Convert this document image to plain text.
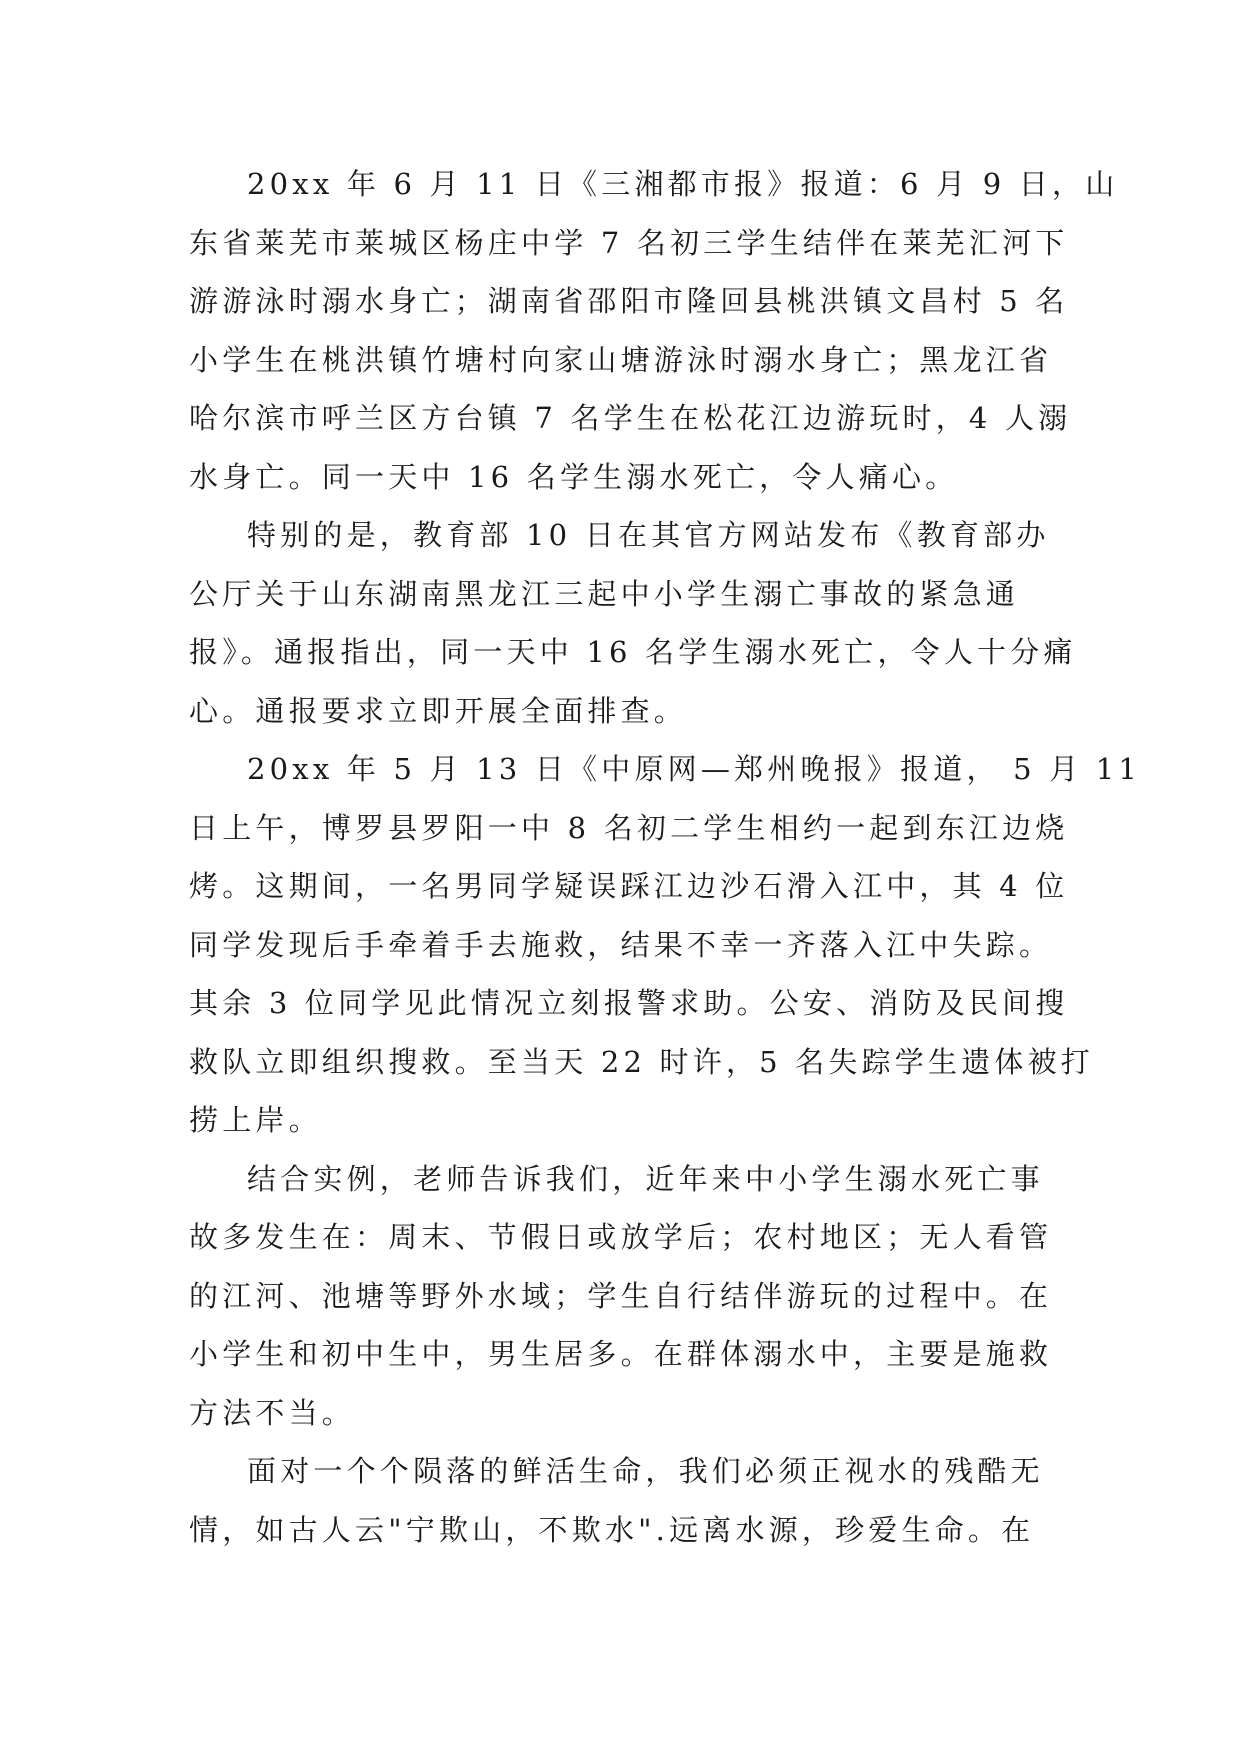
20xx 年 6 月 11 日《三湘都市报》报道：6 月 9 日，山
东省莱芜市莱城区杨庄中学 7 名初三学生结伴在莱芜汇河下
游游泳时溺水身亡；湖南省邵阳市隆回县桃洪镇文昌村 5 名
小学生在桃洪镇竹塘村向家山塘游泳时溺水身亡；黑龙江省
哈尔滨市呼兰区方台镇 7 名学生在松花江边游玩时，4 人溺
水身亡。同一天中 16 名学生溺水死亡，令人痛心。

特别的是，教育部 10 日在其官方网站发布《教育部办
公厅关于山东湖南黑龙江三起中小学生溺亡事故的紧急通
报》。通报指出，同一天中 16 名学生溺水死亡，令人十分痛
心。通报要求立即开展全面排查。

20xx 年 5 月 13 日《中原网—郑州晚报》报道， 5 月 11
日上午，博罗县罗阳一中 8 名初二学生相约一起到东江边烧
烤。这期间，一名男同学疑误踩江边沙石滑入江中，其 4 位
同学发现后手牵着手去施救，结果不幸一齐落入江中失踪。
其余 3 位同学见此情况立刻报警求助。公安、消防及民间搜
救队立即组织搜救。至当天 22 时许，5 名失踪学生遗体被打
捞上岸。

结合实例，老师告诉我们，近年来中小学生溺水死亡事
故多发生在：周末、节假日或放学后；农村地区；无人看管
的江河、池塘等野外水域；学生自行结伴游玩的过程中。在
小学生和初中生中，男生居多。在群体溺水中，主要是施救
方法不当。

面对一个个陨落的鲜活生命，我们必须正视水的残酷无
情，如古人云"宁欺山，不欺水".远离水源，珍爱生命。在
